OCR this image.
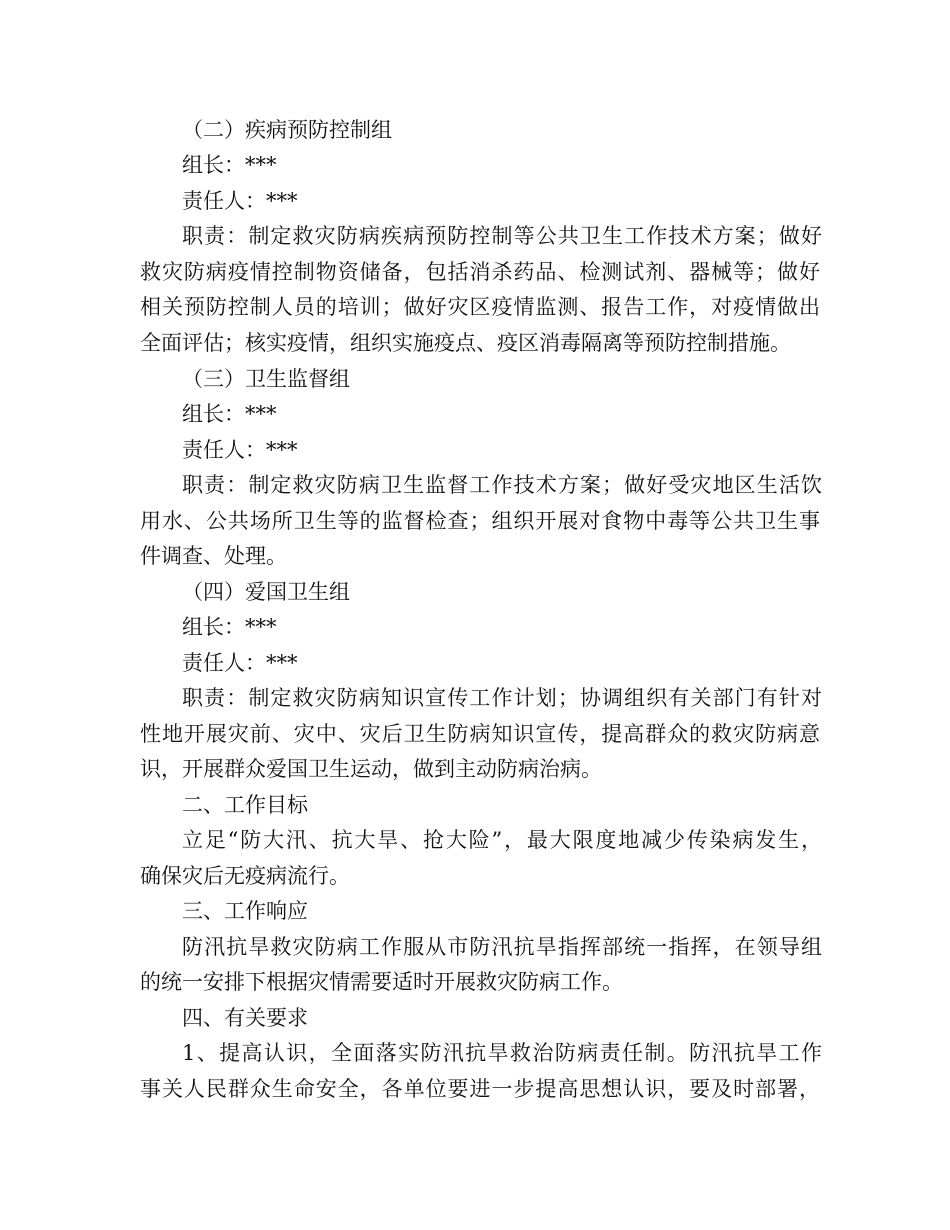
（二）疾病预防控制组
组长：***
责任人：***
职责：制定救灾防病疾病预防控制等公共卫生工作技术方案；做好
救灾防病疫情控制物资储备，包括消杀药品、检测试剂、器械等；做好
相关预防控制人员的培训；做好灾区疫情监测、报告工作，对疫情做出
全面评估；核实疫情，组织实施疫点、疫区消毒隔离等预防控制措施。
（三）卫生监督组
组长：***
责任人：***
职责：制定救灾防病卫生监督工作技术方案；做好受灾地区生活饮
用水、公共场所卫生等的监督检查；组织开展对食物中毒等公共卫生事
件调查、处理。
（四）爱国卫生组
组长：***
责任人：***
职责：制定救灾防病知识宣传工作计划；协调组织有关部门有针对
性地开展灾前、灾中、灾后卫生防病知识宣传，提高群众的救灾防病意
识，开展群众爱国卫生运动，做到主动防病治病。
二、工作目标
立足“防大汛、抗大旱、抢大险”，最大限度地减少传染病发生，
确保灾后无疫病流行。
三、工作响应
防汛抗旱救灾防病工作服从市防汛抗旱指挥部统一指挥，在领导组
的统一安排下根据灾情需要适时开展救灾防病工作。
四、有关要求
1、提高认识，全面落实防汛抗旱救治防病责任制。防汛抗旱工作
事关人民群众生命安全，各单位要进一步提高思想认识，要及时部署，
